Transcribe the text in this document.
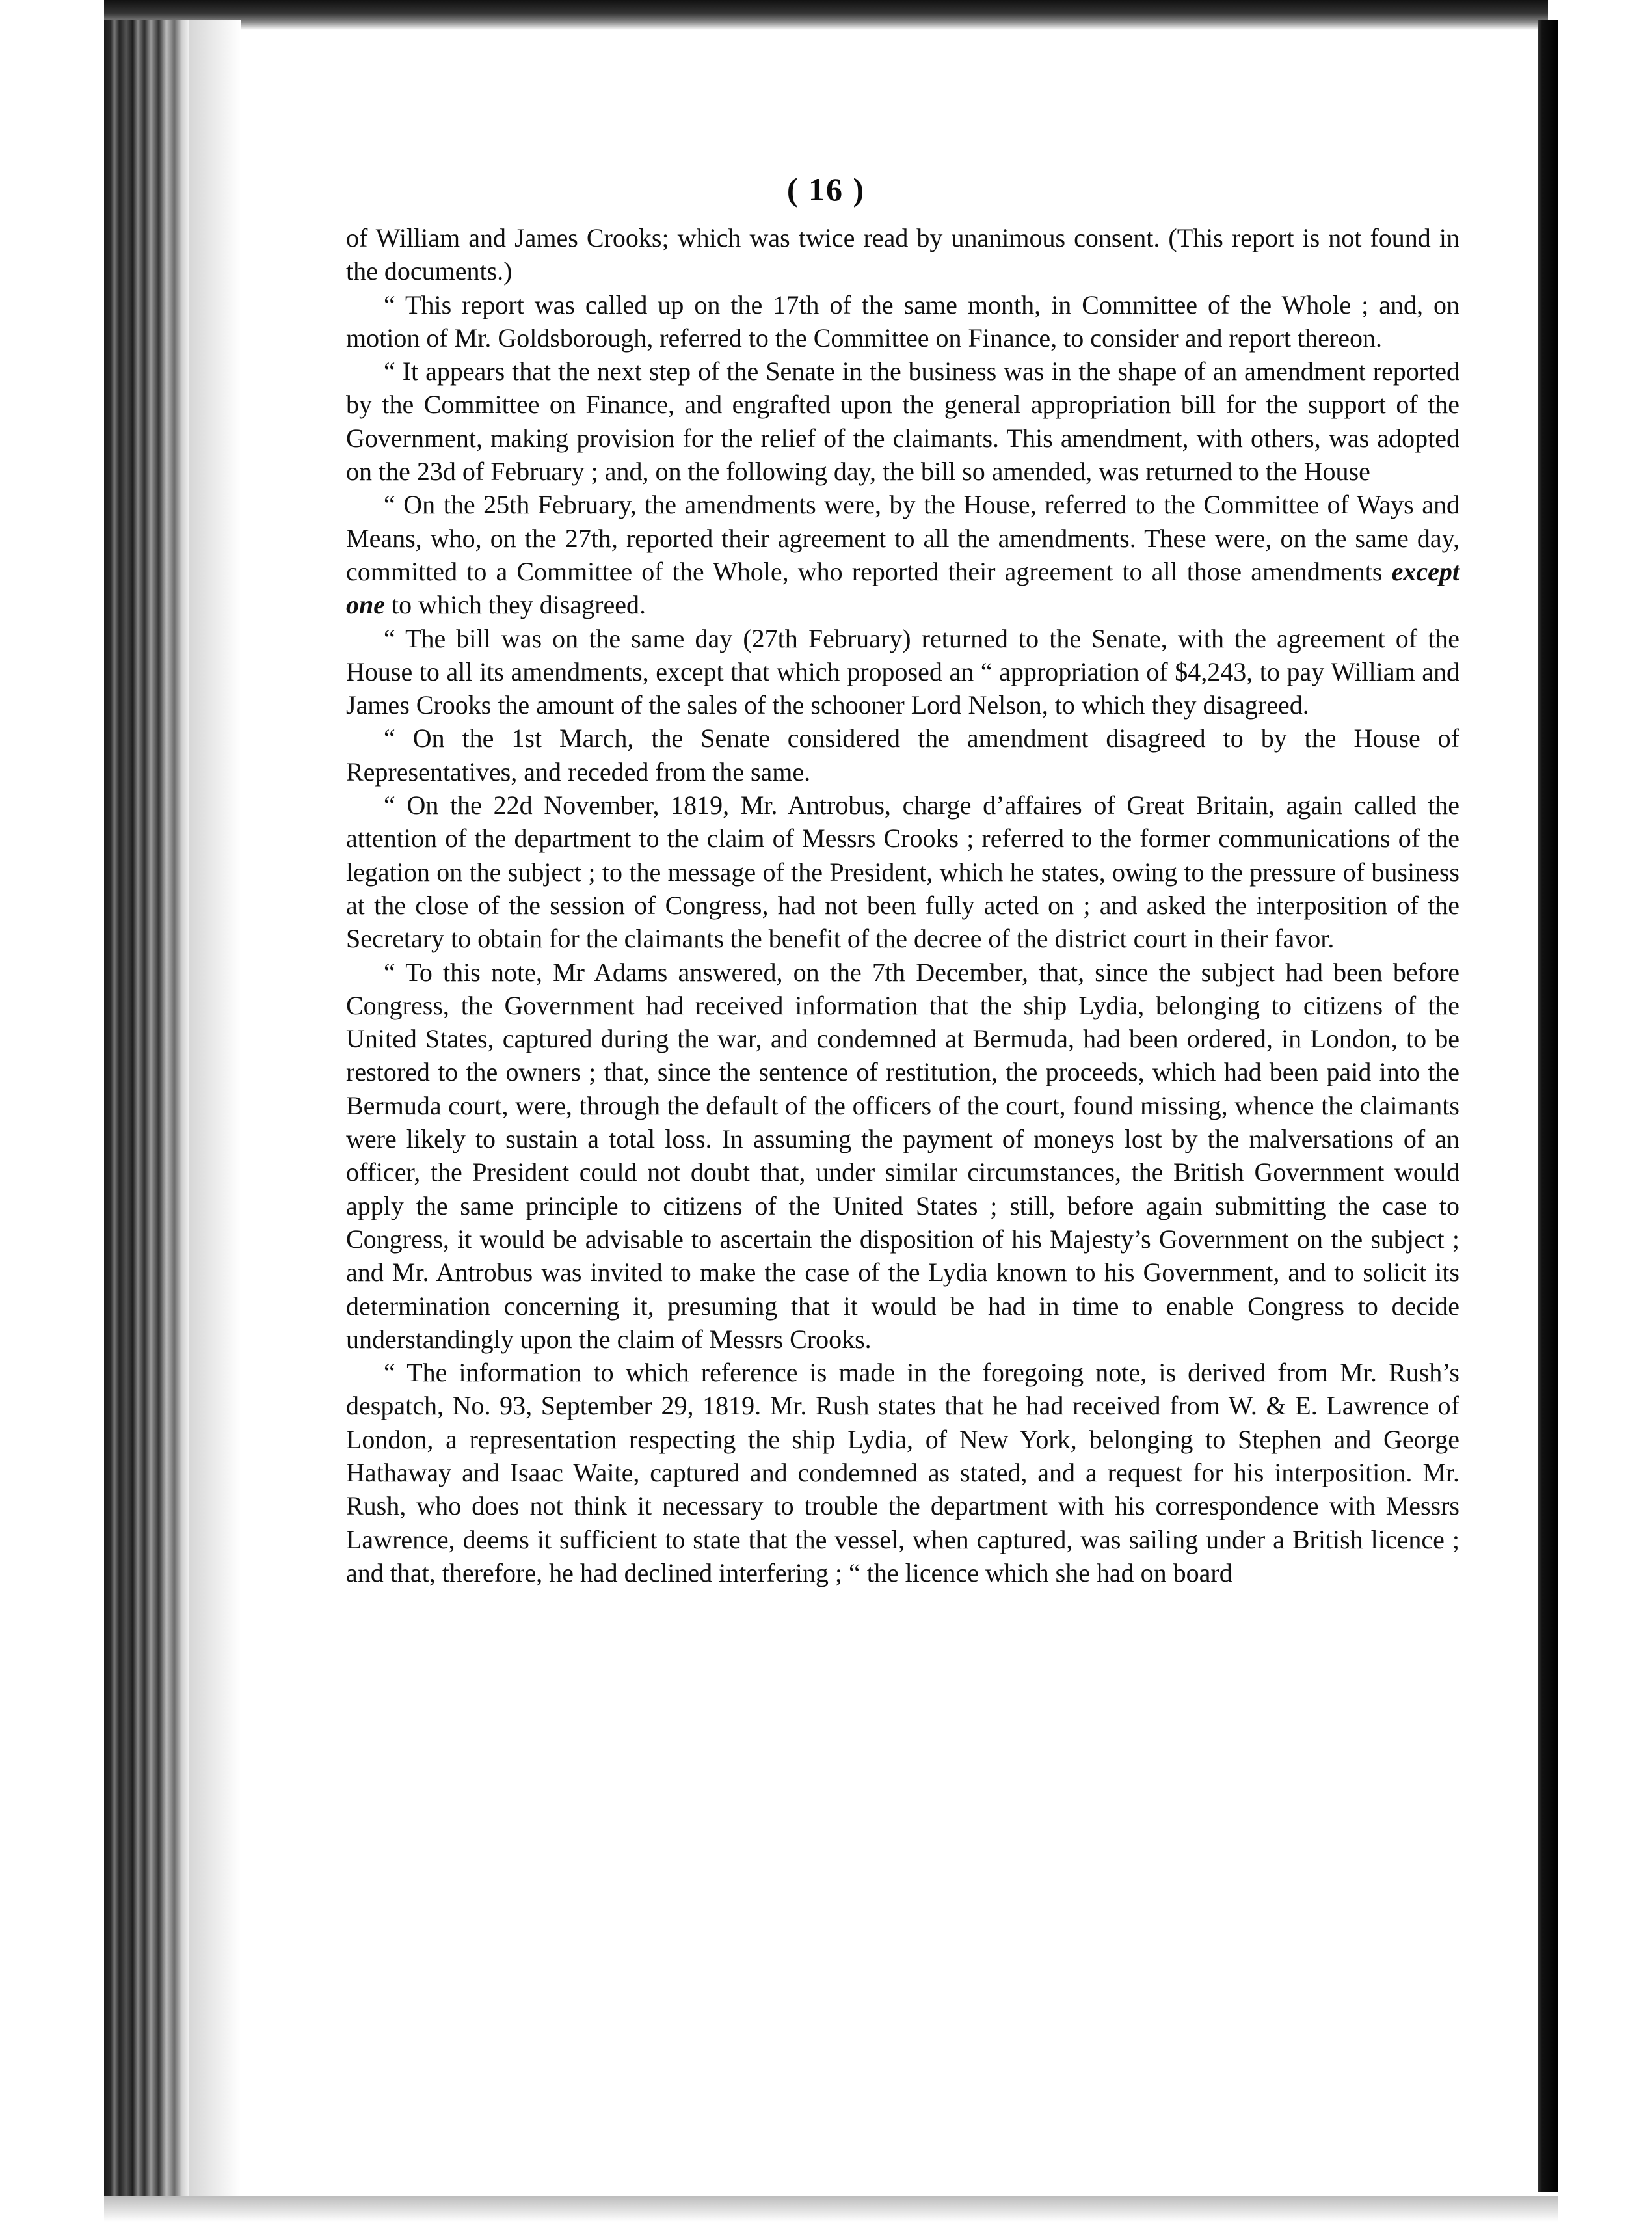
( 16 )

of William and James Crooks; which was twice read by unanimous consent. (This report is not found in the documents.)

“ This report was called up on the 17th of the same month, in Committee of the Whole ; and, on motion of Mr. Goldsborough, referred to the Committee on Finance, to consider and report thereon.

“ It appears that the next step of the Senate in the business was in the shape of an amendment reported by the Committee on Finance, and engrafted upon the general appropriation bill for the support of the Government, making provision for the relief of the claimants. This amendment, with others, was adopted on the 23d of February ; and, on the following day, the bill so amended, was returned to the House

“ On the 25th February, the amendments were, by the House, referred to the Committee of Ways and Means, who, on the 27th, reported their agreement to all the amendments. These were, on the same day, committed to a Committee of the Whole, who reported their agreement to all those amendments except one to which they disagreed.

“ The bill was on the same day (27th February) returned to the Senate, with the agreement of the House to all its amendments, except that which proposed an “ appropriation of $4,243, to pay William and James Crooks the amount of the sales of the schooner Lord Nelson, to which they disagreed.

“ On the 1st March, the Senate considered the amendment disagreed to by the House of Representatives, and receded from the same.

“ On the 22d November, 1819, Mr. Antrobus, charge d’affaires of Great Britain, again called the attention of the department to the claim of Messrs Crooks ; referred to the former communications of the legation on the subject ; to the message of the President, which he states, owing to the pressure of business at the close of the session of Congress, had not been fully acted on ; and asked the interposition of the Secretary to obtain for the claimants the benefit of the decree of the district court in their favor.

“ To this note, Mr Adams answered, on the 7th December, that, since the subject had been before Congress, the Government had received information that the ship Lydia, belonging to citizens of the United States, captured during the war, and condemned at Bermuda, had been ordered, in London, to be restored to the owners ; that, since the sentence of restitution, the proceeds, which had been paid into the Bermuda court, were, through the default of the officers of the court, found missing, whence the claimants were likely to sustain a total loss. In assuming the payment of moneys lost by the malversations of an officer, the President could not doubt that, under similar circumstances, the British Government would apply the same principle to citizens of the United States ; still, before again submitting the case to Congress, it would be advisable to ascertain the disposition of his Majesty’s Government on the subject ; and Mr. Antrobus was invited to make the case of the Lydia known to his Government, and to solicit its determination concerning it, presuming that it would be had in time to enable Congress to decide understandingly upon the claim of Messrs Crooks.

“ The information to which reference is made in the foregoing note, is derived from Mr. Rush’s despatch, No. 93, September 29, 1819. Mr. Rush states that he had received from W. & E. Lawrence of London, a representation respecting the ship Lydia, of New York, belonging to Stephen and George Hathaway and Isaac Waite, captured and condemned as stated, and a request for his interposition. Mr. Rush, who does not think it necessary to trouble the department with his correspondence with Messrs Lawrence, deems it sufficient to state that the vessel, when captured, was sailing under a British licence ; and that, therefore, he had declined interfering ; “ the licence which she had on board
